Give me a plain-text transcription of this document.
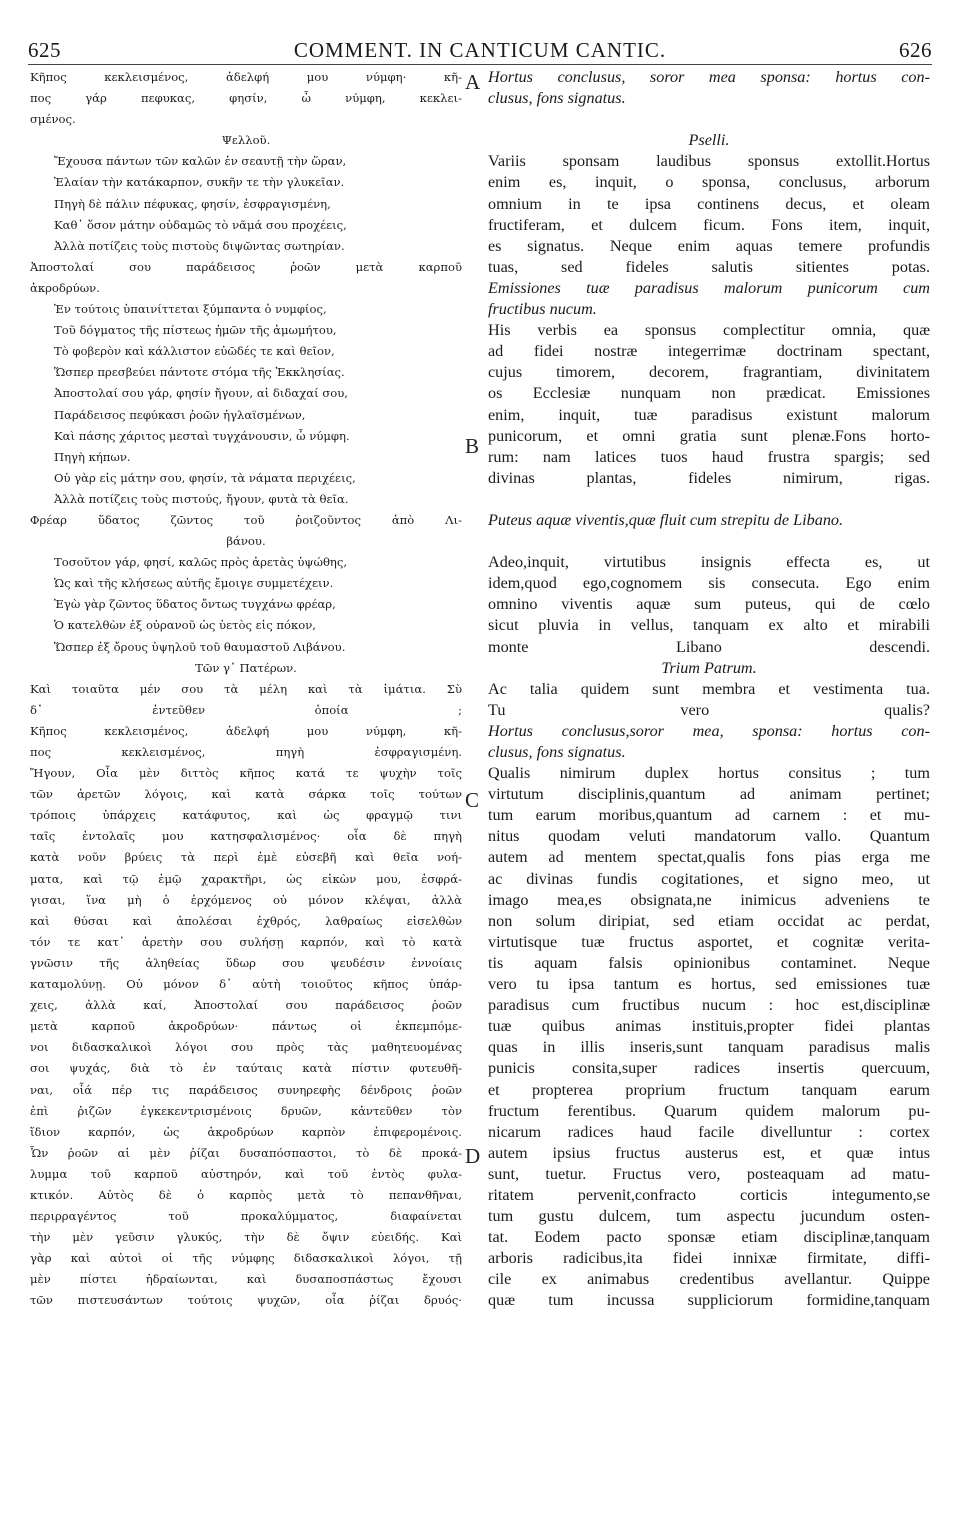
625	COMMENT. IN CANTICUM CANTIC.	626
A
B
C
D
Κῆπος κεκλεισμένος, ἀδελφή μου νύμφη· κῆ-
πος γάρ πεφυκας, φησίν, ὦ νύμφη, κεκλει-
σμένος.
Ψελλοῦ.
Ἔχουσα πάντων τῶν καλῶν ἐν σεαυτῇ τὴν ὥραν,
Ἐλαίαν τὴν κατάκαρπον, συκῆν τε τὴν γλυκεῖαν.
Πηγὴ δὲ πάλιν πέφυκας, φησίν, ἐσφραγισμένη,
Καθ᾽ ὅσον μάτην οὐδαμῶς τὸ νᾶμά σου προχέεις,
Ἀλλὰ ποτίζεις τοὺς πιστοὺς διψῶντας σωτηρίαν.
Ἀποστολαί σου παράδεισος ῥοῶν μετὰ καρποῦ
ἀκροδρύων.
Ἐν τούτοις ὑπαινίττεται ξύμπαντα ὁ νυμφίος,
Τοῦ δόγματος τῆς πίστεως ἡμῶν τῆς ἀμωμήτου,
Τὸ φοβερὸν καὶ κάλλιστον εὐῶδές τε καὶ θεῖον,
Ὥσπερ πρεσβεύει πάντοτε στόμα τῆς Ἐκκλησίας.
Ἀποστολαί σου γάρ, φησίν ἤγουν, αἱ διδαχαί σου,
Παράδεισος πεφύκασι ῥοῶν ἠγλαϊσμένων,
Καὶ πάσης χάριτος μεσταὶ τυγχάνουσιν, ὦ νύμφη.
Πηγὴ κήπων.
Οὐ γὰρ εἰς μάτην σου, φησίν, τὰ νάματα περιχέεις,
Ἀλλὰ ποτίζεις τοὺς πιστούς, ἤγουν, φυτὰ τὰ θεῖα.
Φρέαρ ὕδατος ζῶντος τοῦ ῥοιζοῦντος ἀπὸ Λι-
βάνου.
Τοσοῦτον γάρ, φησί, καλῶς πρὸς ἀρετὰς ὑψώθης,
Ὡς καὶ τῆς κλήσεως αὐτῆς ἔμοιγε συμμετέχειν.
Ἐγὼ γὰρ ζῶντος ὕδατος ὄντως τυγχάνω φρέαρ,
Ὁ κατελθὼν ἐξ οὐρανοῦ ὡς ὑετὸς εἰς πόκον,
Ὥσπερ ἐξ ὄρους ὑψηλοῦ τοῦ θαυμαστοῦ Λιβάνου.
Τῶν γ᾽ Πατέρων.
Καὶ τοιαῦτα μέν σου τὰ μέλη καὶ τὰ ἱμάτια. Σὺ
δ᾽ ἐντεῦθεν ὁποία ;
Κῆπος κεκλεισμένος, ἀδελφή μου νύμφη, κῆ-
πος κεκλεισμένος, πηγὴ ἐσφραγισμένη.
Ἤγουν, Οἷα μὲν διττὸς κῆπος κατά τε ψυχὴν τοῖς
τῶν ἀρετῶν λόγοις, καὶ κατὰ σάρκα τοῖς τούτων
τρόποις ὑπάρχεις κατάφυτος, καὶ ὡς φραγμῷ τινι
ταῖς ἐντολαῖς μου κατησφαλισμένος· οἷα δὲ πηγὴ
κατὰ νοῦν βρύεις τὰ περὶ ἐμὲ εὐσεβῆ καὶ θεῖα νοή-
ματα, καὶ τῷ ἐμῷ χαρακτῆρι, ὡς εἰκὼν μου, ἐσφρά-
γισαι, ἵνα μὴ ὁ ἐρχόμενος οὐ μόνον κλέψαι, ἀλλὰ
καὶ θύσαι καὶ ἀπολέσαι ἐχθρός, λαθραίως εἰσελθὼν
τόν τε κατ᾽ ἀρετὴν σου συλήσῃ καρπόν, καὶ τὸ κατὰ
γνῶσιν τῆς ἀληθείας ὕδωρ σου ψευδέσιν ἐννοίαις
καταμολύνῃ. Οὐ μόνον δ᾽ αὐτὴ τοιοῦτος κῆπος ὑπάρ-
χεις, ἀλλὰ καί, Ἀποστολαί σου παράδεισος ῥοῶν
μετὰ καρποῦ ἀκροδρύων· πάντως οἱ ἐκπεμπόμε-
νοι διδασκαλικοὶ λόγοι σου πρὸς τὰς μαθητευομένας
σοι ψυχάς, διὰ τὸ ἐν ταύταις κατὰ πίστιν φυτευθῆ-
ναι, οἷά πέρ τις παράδεισος συνηρεφὴς δένδροις ῥοῶν
ἐπὶ ῥιζῶν ἐγκεκεντρισμένοις δρυῶν, κἀντεῦθεν τὸν
ἴδιον καρπόν, ὡς ἀκροδρύων καρπὸν ἐπιφερομένοις.
Ὧν ῥοῶν αἱ μὲν ῥίζαι δυσαπόσπαστοι, τὸ δὲ προκά-
λυμμα τοῦ καρποῦ αὐστηρόν, καὶ τοῦ ἐντὸς φυλα-
κτικόν. Αὐτὸς δὲ ὁ καρπὸς μετὰ τὸ πεπανθῆναι,
περιρραγέντος τοῦ προκαλύμματος, διαφαίνεται
τὴν μὲν γεῦσιν γλυκύς, τὴν δὲ ὄψιν εὐειδής. Καὶ
γὰρ καὶ αὐτοὶ οἱ τῆς νύμφης διδασκαλικοὶ λόγοι, τῇ
μὲν πίστει ἡδραίωνται, καὶ δυσαποσπάστως ἔχουσι
τῶν πιστευσάντων τούτοις ψυχῶν, οἷα ῥίζαι δρυός·
Hortus conclusus, soror mea sponsa: hortus con-
clusus, fons signatus.
Pselli.
Variis sponsam laudibus sponsus extollit.Hortus
enim es, inquit, o sponsa, conclusus, arborum
omnium in te ipsa continens decus, et oleam
fructiferam, et dulcem ficum. Fons item, inquit,
es signatus. Neque enim aquas temere profundis
tuas, sed fideles salutis sitientes potas.
Emissiones tuæ paradisus malorum punicorum cum
fructibus nucum.
His verbis ea sponsus complectitur omnia, quæ
ad fidei nostræ integerrimæ doctrinam spectant,
cujus timorem, decorem, fragrantiam, divinitatem
os Ecclesiæ nunquam non prædicat. Emissiones
enim, inquit, tuæ paradisus existunt malorum
punicorum, et omni gratia sunt plenæ.Fons horto-
rum: nam latices tuos haud frustra spargis; sed
divinas plantas, fideles nimirum, rigas.
Puteus aquæ viventis,quæ fluit cum strepitu de Libano.
Adeo,inquit, virtutibus insignis effecta es, ut
idem,quod ego,cognomem sis consecuta. Ego enim
omnino viventis aquæ sum puteus, qui de cœlo
sicut pluvia in vellus, tanquam ex alto et mirabili
monte Libano descendi.
Trium Patrum.
Ac talia quidem sunt membra et vestimenta tua.
Tu vero qualis?
Hortus conclusus,soror mea, sponsa: hortus con-
clusus, fons signatus.
Qualis nimirum duplex hortus consitus ; tum
virtutum disciplinis,quantum ad animam pertinet;
tum earum moribus,quantum ad carnem : et mu-
nitus quodam veluti mandatorum vallo. Quantum
autem ad mentem spectat,qualis fons pias erga me
ac divinas fundis cogitationes, et signo meo, ut
imago mea,es obsignata,ne inimicus adveniens te
non solum diripiat, sed etiam occidat ac perdat,
virtutisque tuæ fructus asportet, et cognitæ verita-
tis aquam falsis opinionibus contaminet. Neque
vero tu ipsa tantum es hortus, sed emissiones tuæ
paradisus cum fructibus nucum : hoc est,disciplinæ
tuæ quibus animas instituis,propter fidei plantas
quas in illis inseris,sunt tanquam paradisus malis
punicis consita,super radices insertis quercuum,
et propterea proprium fructum tanquam earum
fructum ferentibus. Quarum quidem malorum pu-
nicarum radices haud facile divelluntur : cortex
autem ipsius fructus austerus est, et quæ intus
sunt, tuetur. Fructus vero, posteaquam ad matu-
ritatem pervenit,confracto corticis integumento,se
tum gustu dulcem, tum aspectu jucundum osten-
tat. Eodem pacto sponsæ etiam disciplinæ,tanquam
arboris radicibus,ita fidei innixæ firmitate, diffi-
cile ex animabus credentibus avellantur. Quippe
quæ tum incussa suppliciorum formidine,tanquam
